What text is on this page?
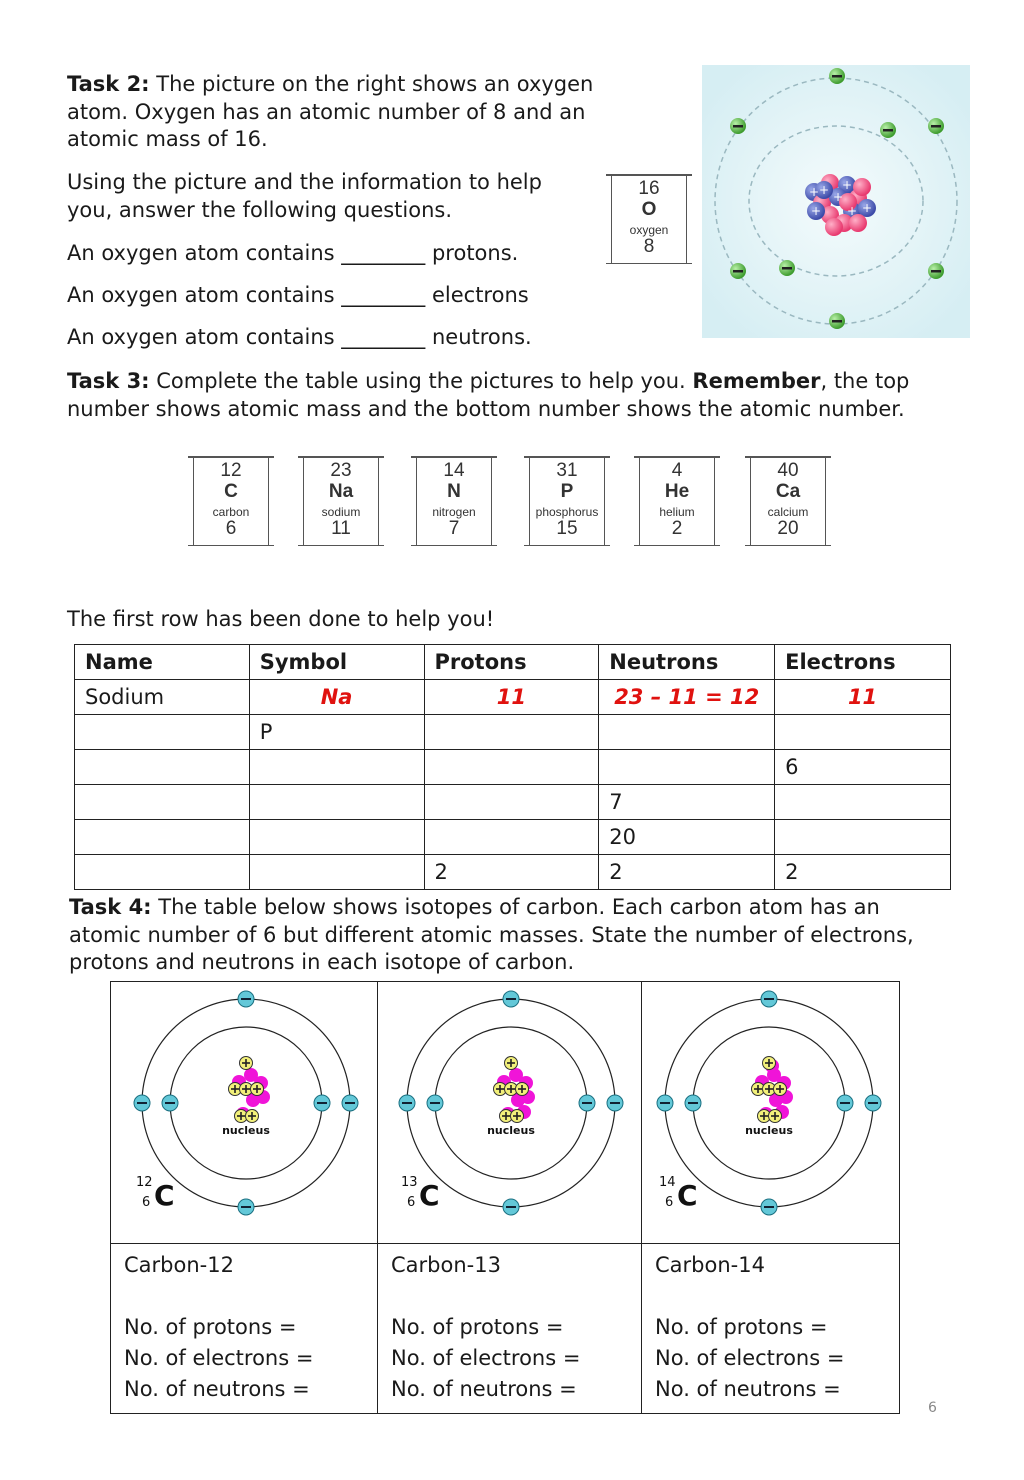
Task 2: The picture on the right shows an oxygen atom. Oxygen has an atomic number of 8 and an atomic mass of 16.

Using the picture and the information to help you, answer the following questions.

An oxygen atom contains ________ protons.

An oxygen atom contains ________ electrons

An oxygen atom contains ________ neutrons.

16
O
oxygen
8
+ +
+
+ +
+
+

Task 3: Complete the table using the pictures to help you. Remember, the top number shows atomic mass and the bottom number shows the atomic number.

12
C
carbon
6
23
Na
sodium
11
14
N
nitrogen
7
31
P
phosphorus
15
4
He
helium
2
40
Ca
calcium
20

The first row has been done to help you!

Name	Symbol	Protons	Neutrons	Electrons
Sodium	Na	11	23 – 11 = 12	11
	P			
				6
			7	
			20	
		2	2	2

Task 4: The table below shows isotopes of carbon. Each carbon atom has an atomic number of 6 but different atomic masses. State the number of electrons, protons and neutrons in each isotope of carbon.

nucleus
12
6 C
nucleus
13
6 C
nucleus
14
6 C
Carbon-12
No. of protons =
No. of electrons =
No. of neutrons =
Carbon-13
No. of protons =
No. of electrons =
No. of neutrons =
Carbon-14
No. of protons =
No. of electrons =
No. of neutrons =
6
